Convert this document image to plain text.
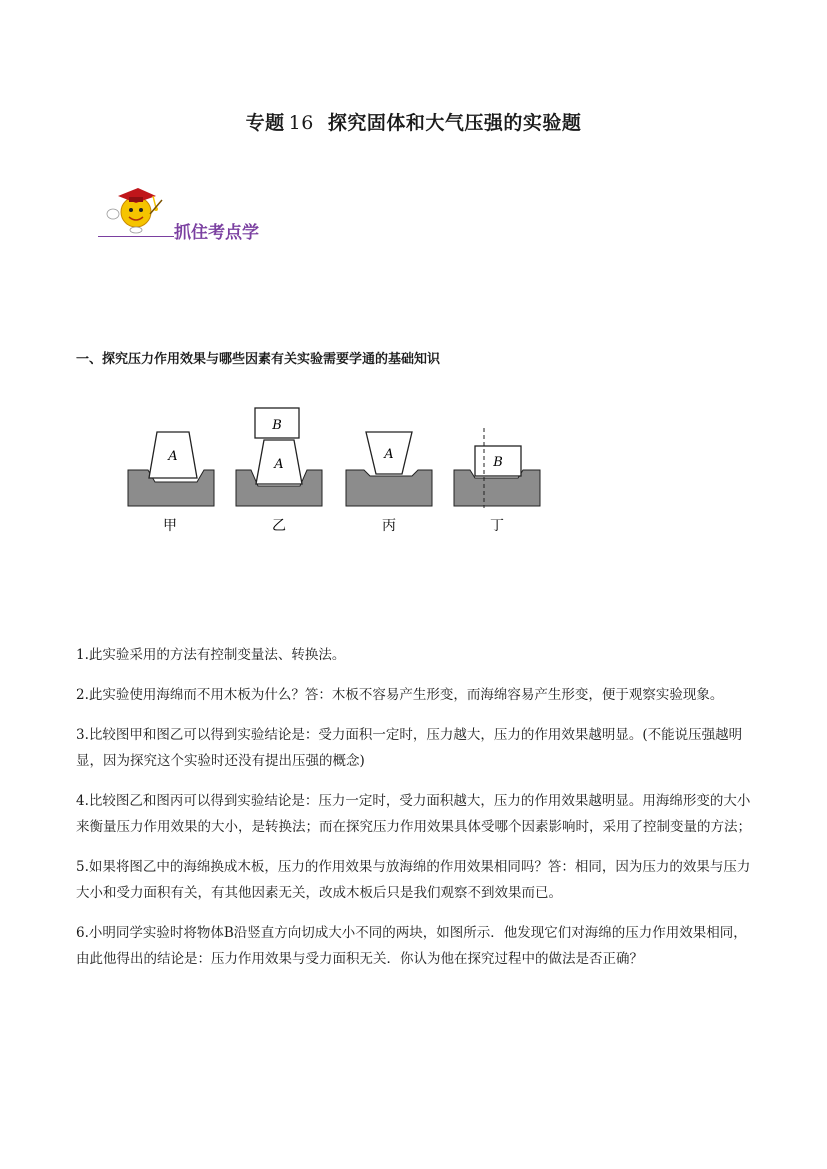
专题 16 探究固体和大气压强的实验题
抓住考点学
一、探究压力作用效果与哪些因素有关实验需要学通的基础知识
A
甲
B
A
乙
A
丙
B
丁

1.此实验采用的方法有控制变量法、转换法。

2.此实验使用海绵而不用木板为什么？答：木板不容易产生形变，而海绵容易产生形变，便于观察实验现象。

3.比较图甲和图乙可以得到实验结论是：受力面积一定时，压力越大，压力的作用效果越明显。(不能说压强越明显，因为探究这个实验时还没有提出压强的概念)

4.比较图乙和图丙可以得到实验结论是：压力一定时，受力面积越大，压力的作用效果越明显。用海绵形变的大小来衡量压力作用效果的大小，是转换法；而在探究压力作用效果具体受哪个因素影响时，采用了控制变量的方法；

5.如果将图乙中的海绵换成木板，压力的作用效果与放海绵的作用效果相同吗？答：相同，因为压力的效果与压力大小和受力面积有关，有其他因素无关，改成木板后只是我们观察不到效果而已。

6.小明同学实验时将物体B沿竖直方向切成大小不同的两块，如图所示．他发现它们对海绵的压力作用效果相同，由此他得出的结论是：压力作用效果与受力面积无关．你认为他在探究过程中的做法是否正确？
